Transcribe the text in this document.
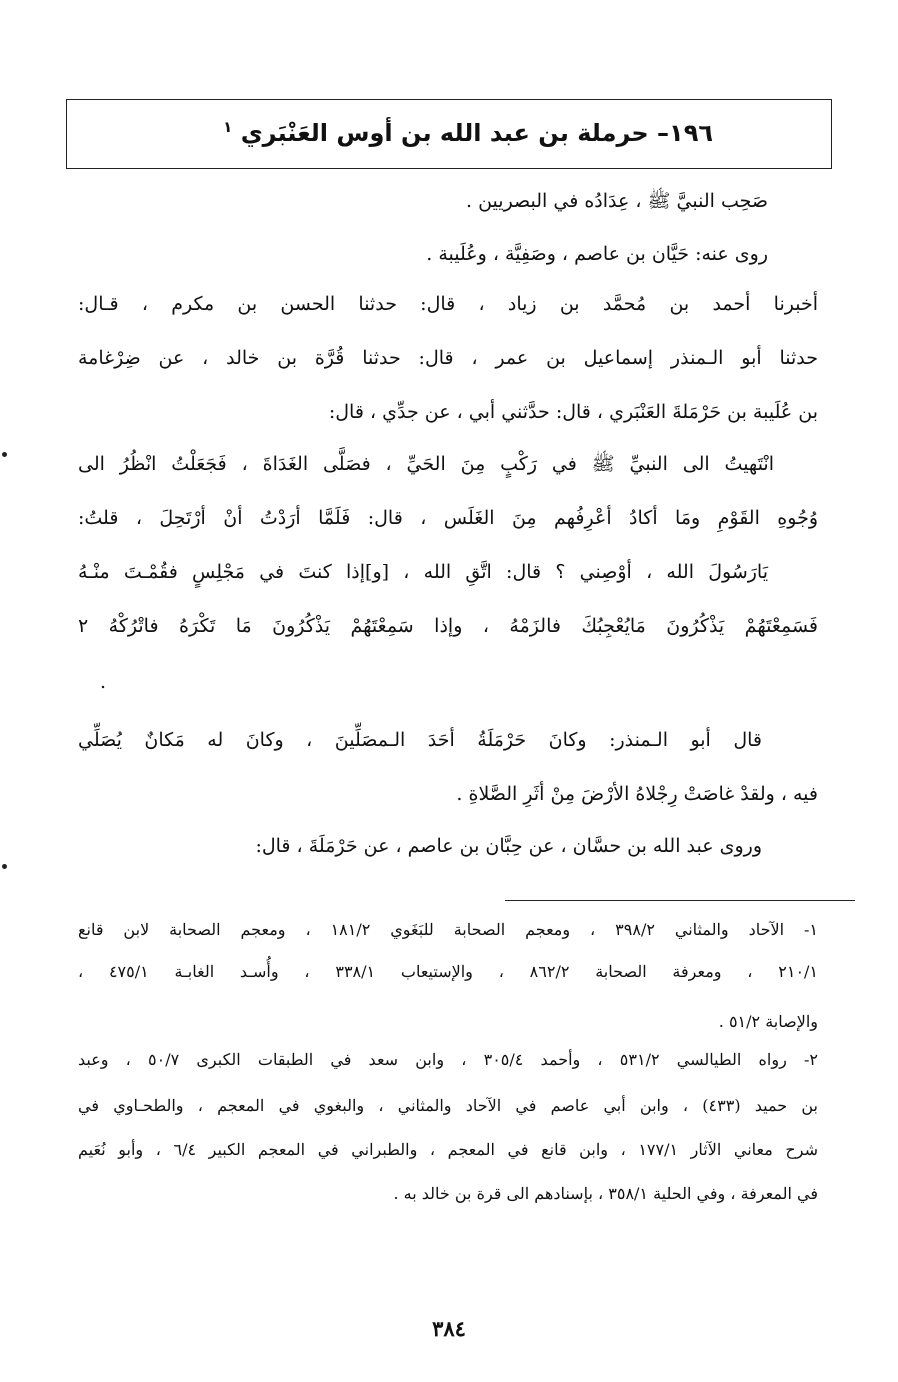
١٩٦– حرملة بن عبد الله بن أوس العَنْبَري $^١$
صَحِب النبيَّ ﷺ ، عِدَادُه في البصريين .
روى عنه: حَيَّان بن عاصم ، وصَفِيَّة ، وعُلَيبة .
أخبرنا أحمد بن مُحمَّد بن زياد ، قال: حدثنا الحسن بن مكرم ، قـال:
حدثنا أبو الـمنذر إسماعيل بن عمر ، قال: حدثنا قُرَّة بن خالد ، عن ضِرْغامة
بن عُلَيبة بن حَرْمَلةَ العَنْبَري ، قال: حدَّثني أبي ، عن جدِّي ، قال:
انْتَهيتُ الى النبيِّ ﷺ في رَكْبٍ مِنَ الحَيِّ ، فصَلَّى الغَدَاةَ ، فَجَعَلْتُ انْظُرُ الى
وُجُوهِ القَوْمِ ومَا أكادُ أعْرِفُهم مِنَ الغَلَس ، قال: فَلَمَّا أرَدْتُ أنْ أرْتَحِلَ ، قلتُ:
يَارَسُولَ الله ، أوْصِني ؟ قال: اتَّقِ الله ، [و]إذا كنتَ في مَجْلِسٍ فقُمْـتَ منْـهُ
فَسَمِعْتَهُمْ يَذْكُرُونَ مَايُعْجِبُكَ فالزَمْهُ ، وإذا سَمِعْتَهُمْ يَذْكُرُونَ مَا تَكْرَهُ فاتْرُكْهُ ٢
.
قال أبو الـمنذر: وكانَ حَرْمَلَةُ أحَدَ الـمصَلِّينَ ، وكانَ له مَكانٌ يُصَلِّي
فيه ، ولقدْ غاصَتْ رِجْلاهُ الأرْضَ مِنْ أثَرِ الصَّلاةِ .
وروى عبد الله بن حسَّان ، عن حِبَّان بن عاصم ، عن حَرْمَلَةَ ، قال:
١- الآحاد والمثاني ٣٩٨/٢ ، ومعجم الصحابة للبَغَوي ١٨١/٢ ، ومعجم الصحابة لابن قانع
٢١٠/١ ، ومعرفة الصحابة ٨٦٢/٢ ، والإستيعاب ٣٣٨/١ ، وأُسـد الغابـة ٤٧٥/١ ،
والإصابة ٥١/٢ .
٢- رواه الطيالسي ٥٣١/٢ ، وأحمد ٣٠٥/٤ ، وابن سعد في الطبقات الكبرى ٥٠/٧ ، وعبد
بن حميد (٤٣٣) ، وابن أبي عاصم في الآحاد والمثاني ، والبغوي في المعجم ، والطحـاوي في
شرح معاني الآثار ١٧٧/١ ، وابن قانع في المعجم ، والطبراني في المعجم الكبير ٦/٤ ، وأبو نُعَيم
في المعرفة ، وفي الحلية ٣٥٨/١ ، بإسنادهم الى قرة بن خالد به .
٣٨٤
